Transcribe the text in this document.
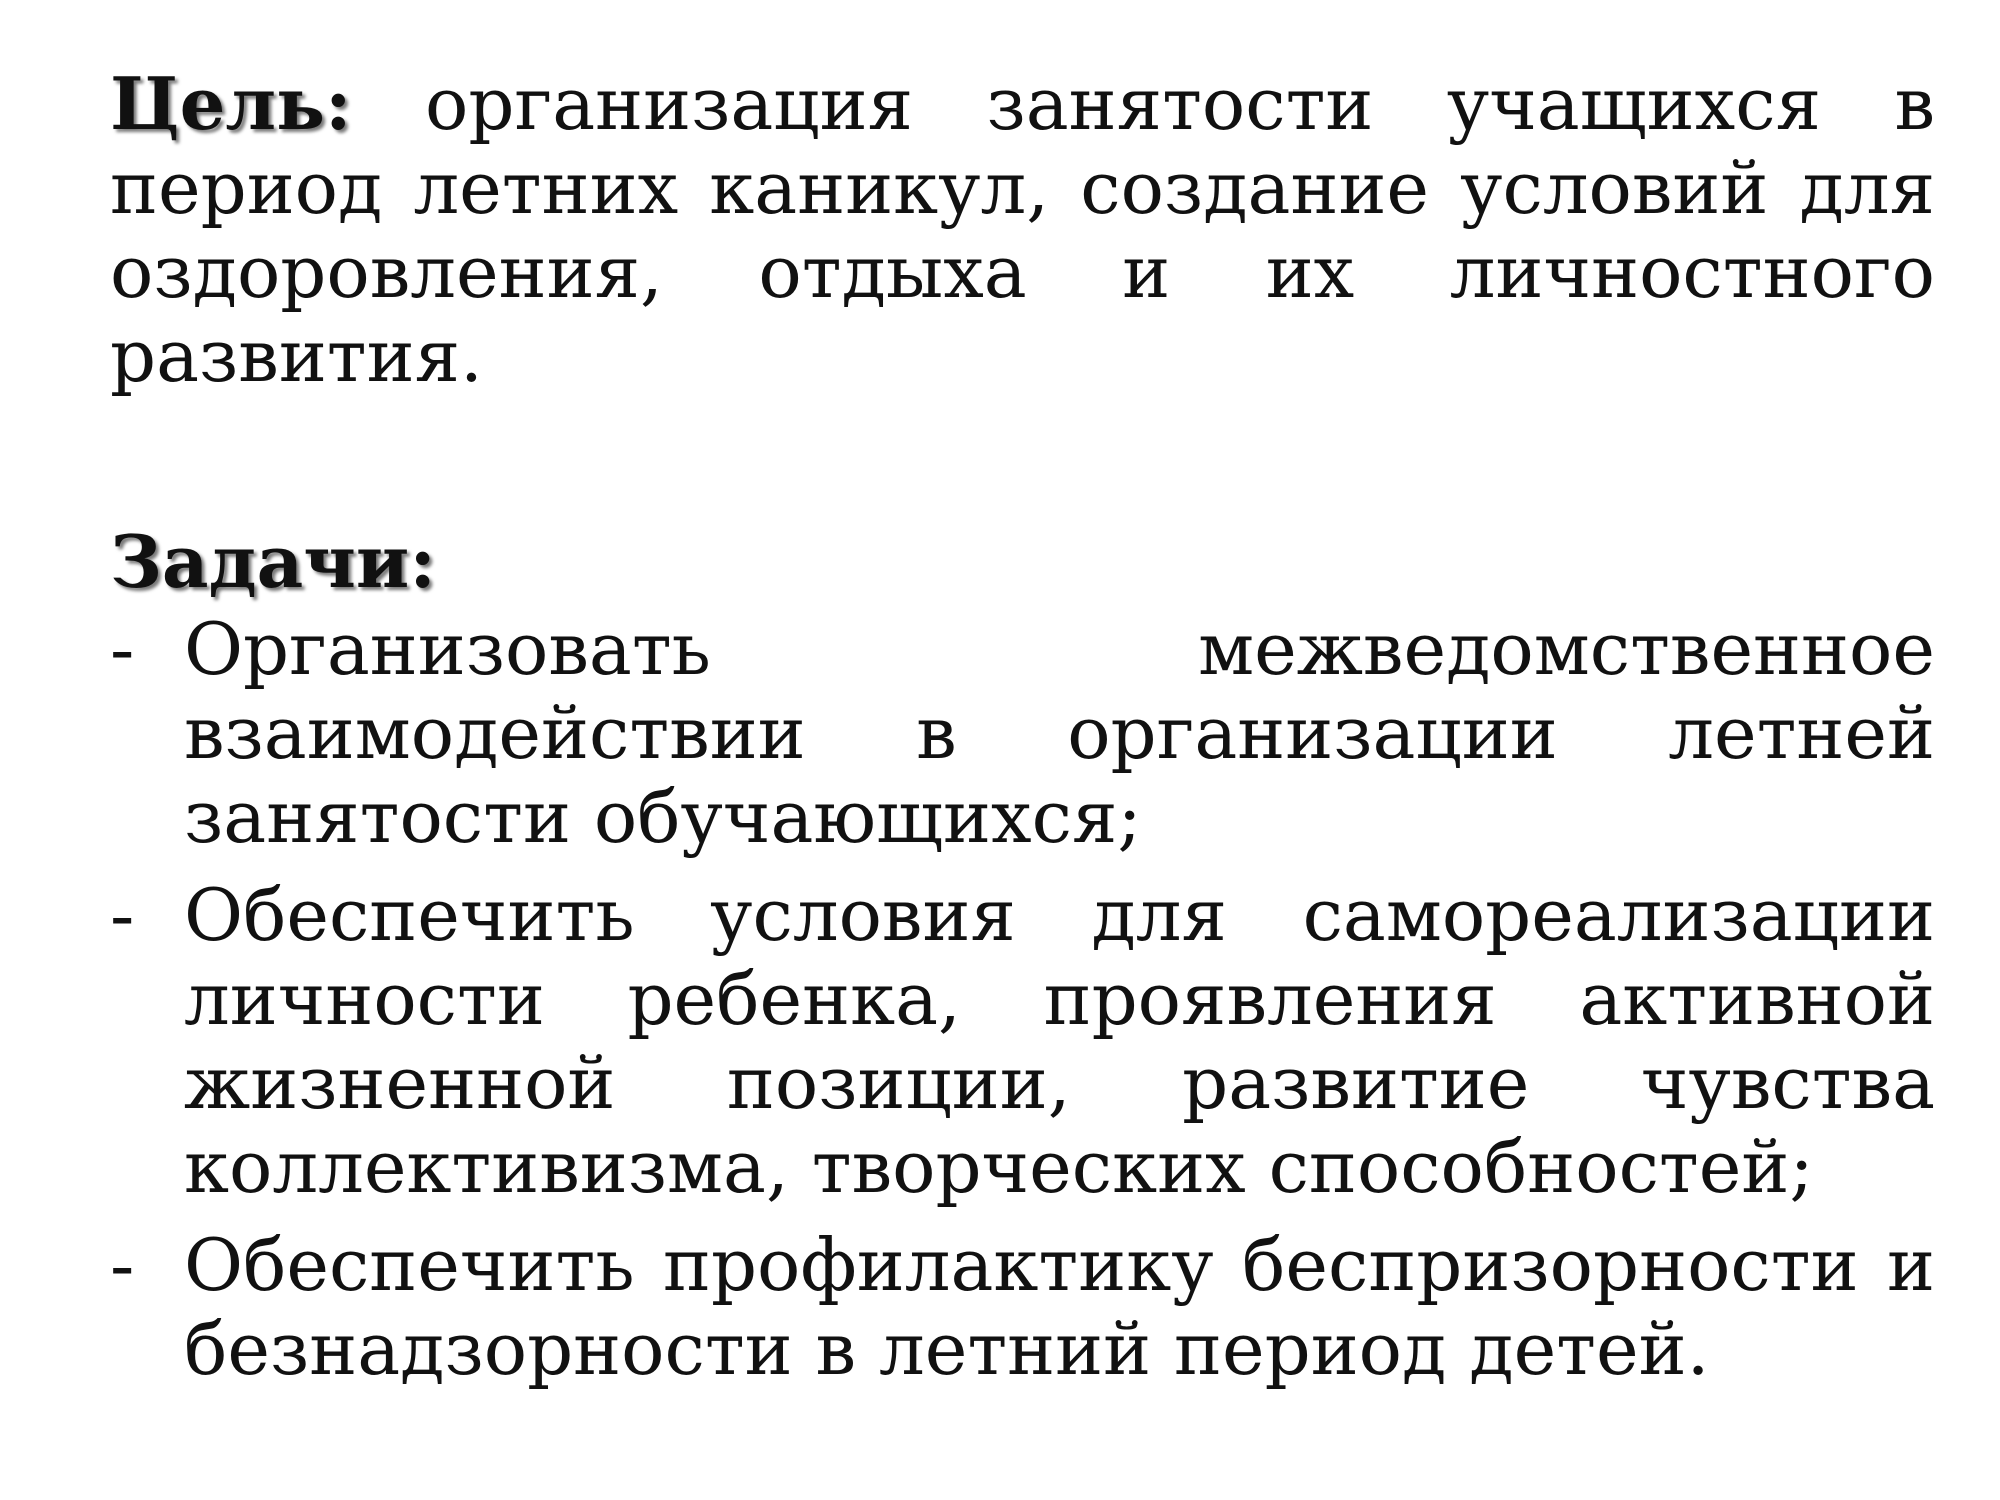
Цель: организация занятости учащихся в период летних каникул, создание условий для оздоровления, отдыха и их личностного развития.

Задачи:

- Организовать межведомственное взаимодействии в организации летней занятости обучающихся;
- Обеспечить условия для самореализации личности ребенка, проявления активной жизненной позиции, развитие чувства коллективизма, творческих способностей;
- Обеспечить профилактику беспризорности и безнадзорности в летний период детей.
